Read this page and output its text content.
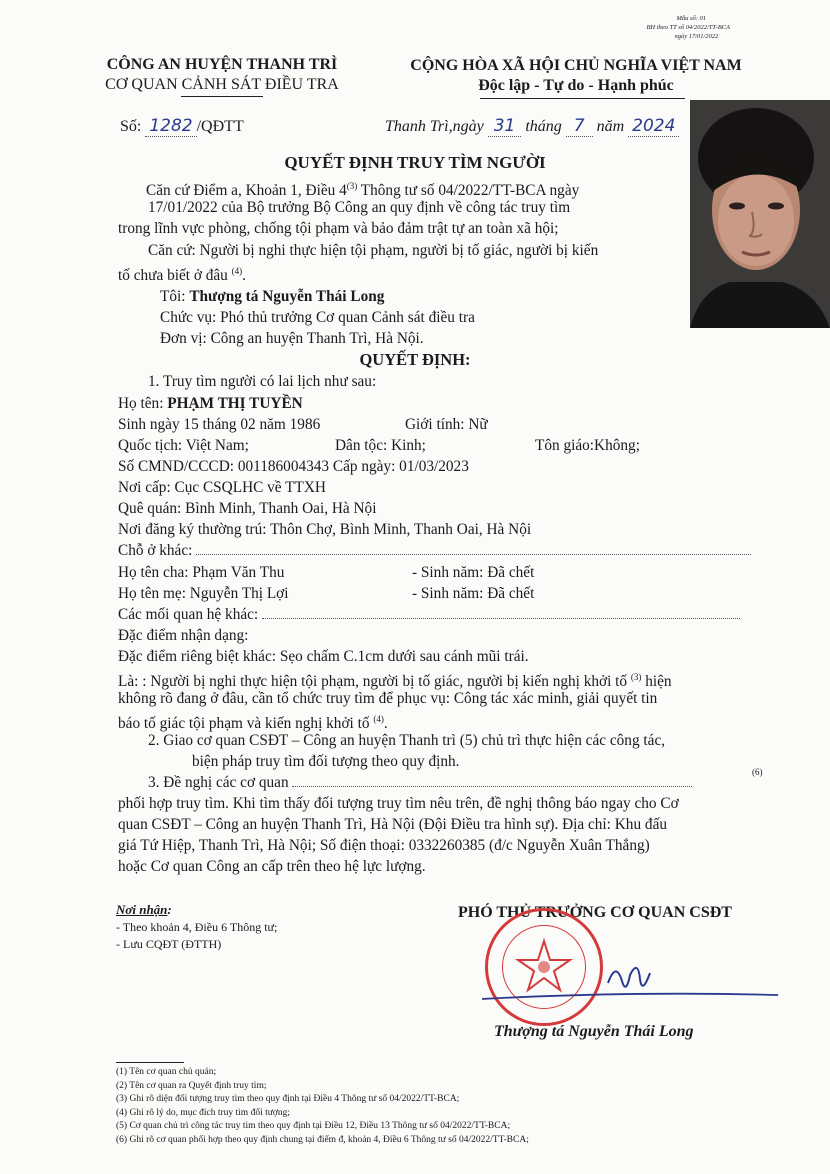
Mẫu số: 01
BH theo TT số 04/2022/TT-BCA
ngày 17/01/2022
CÔNG AN HUYỆN THANH TRÌ
CƠ QUAN CẢNH SÁT ĐIỀU TRA
CỘNG HÒA XÃ HỘI CHỦ NGHĨA VIỆT NAM
Độc lập - Tự do - Hạnh phúc
Số: 1282 /QĐTT	Thanh Trì,ngày 31 tháng 7 năm 2024
QUYẾT ĐỊNH TRUY TÌM NGƯỜI
Căn cứ Điểm a, Khoản 1, Điều 4$^{(3)}$ Thông tư số 04/2022/TT-BCA ngày
17/01/2022 của Bộ trưởng Bộ Công an quy định về công tác truy tìm
trong lĩnh vực phòng, chống tội phạm và bảo đảm trật tự an toàn xã hội;
Căn cứ: Người bị nghi thực hiện tội phạm, người bị tố giác, người bị kiến
tố chưa biết ở đâu $^{(4)}$.
Tôi: Thượng tá Nguyễn Thái Long
Chức vụ: Phó thủ trưởng Cơ quan Cảnh sát điều tra
Đơn vị: Công an huyện Thanh Trì, Hà Nội.
QUYẾT ĐỊNH:
1. Truy tìm người có lai lịch như sau:
Họ tên: PHẠM THỊ TUYỀN
Sinh ngày 15 tháng 02 năm 1986	Giới tính: Nữ
Quốc tịch: Việt Nam;	Dân tộc: Kinh;	Tôn giáo:Không;
Số CMND/CCCD: 001186004343 Cấp ngày: 01/03/2023
Nơi cấp: Cục CSQLHC về TTXH
Quê quán: Bình Minh, Thanh Oai, Hà Nội
Nơi đăng ký thường trú: Thôn Chợ, Bình Minh, Thanh Oai, Hà Nội
Chỗ ở khác:
Họ tên cha: Phạm Văn Thu	- Sinh năm: Đã chết
Họ tên mẹ: Nguyễn Thị Lợi	- Sinh năm: Đã chết
Các mối quan hệ khác:
Đặc điểm nhận dạng:
Đặc điểm riêng biệt khác: Sẹo chấm C.1cm dưới sau cánh mũi trái.
Là: : Người bị nghi thực hiện tội phạm, người bị tố giác, người bị kiến nghị khởi tố $^{(3)}$ hiện
không rõ đang ở đâu, cần tổ chức truy tìm để phục vụ: Công tác xác minh, giải quyết tin
báo tố giác tội phạm và kiến nghị khởi tố $^{(4)}$.
2. Giao cơ quan CSĐT – Công an huyện Thanh trì (5) chủ trì thực hiện các công tác,
biện pháp truy tìm đối tượng theo quy định.
3. Đề nghị các cơ quan
(6)
phối hợp truy tìm. Khi tìm thấy đối tượng truy tìm nêu trên, đề nghị thông báo ngay cho Cơ
quan CSĐT – Công an huyện Thanh Trì, Hà Nội (Đội Điều tra hình sự). Địa chỉ: Khu đấu
giá Tứ Hiệp, Thanh Trì, Hà Nội; Số điện thoại: 0332260385 (đ/c Nguyễn Xuân Thắng)
hoặc Cơ quan Công an cấp trên theo hệ lực lượng.
Nơi nhận:
- Theo khoản 4, Điều 6 Thông tư;
- Lưu CQĐT (ĐTTH)
PHÓ THỦ TRƯỞNG CƠ QUAN CSĐT
Thượng tá Nguyễn Thái Long
(1) Tên cơ quan chủ quản;
(2) Tên cơ quan ra Quyết định truy tìm;
(3) Ghi rõ diện đối tượng truy tìm theo quy định tại Điều 4 Thông tư số 04/2022/TT-BCA;
(4) Ghi rõ lý do, mục đích truy tìm đối tượng;
(5) Cơ quan chủ trì công tác truy tìm theo quy định tại Điều 12, Điều 13 Thông tư số 04/2022/TT-BCA;
(6) Ghi rõ cơ quan phối hợp theo quy định chung tại điểm đ, khoản 4, Điều 6 Thông tư số 04/2022/TT-BCA;
